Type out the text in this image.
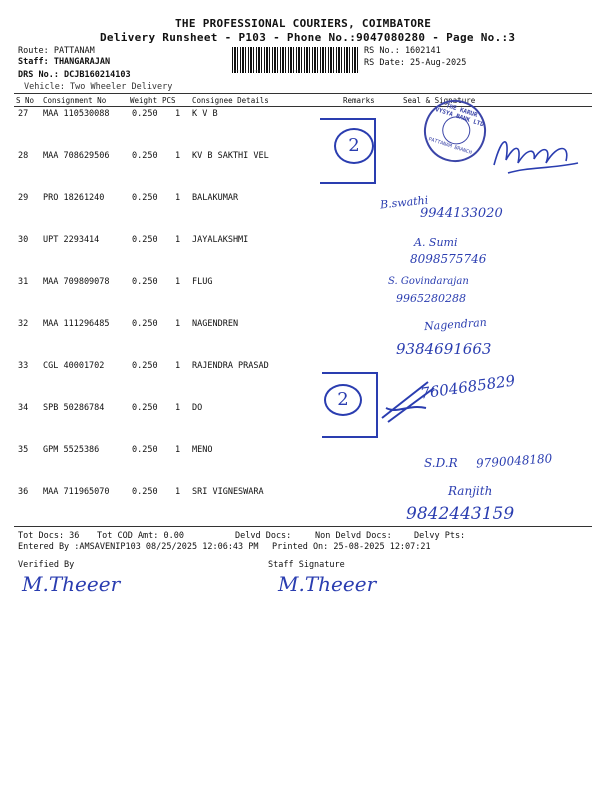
THE PROFESSIONAL COURIERS, COIMBATORE
Delivery Runsheet - P103 - Phone No.:9047080280 - Page No.:3
Route: PATTANAM
Staff: THANGARAJAN
DRS No.: DCJB160214103
Vehicle: Two Wheeler Delivery
RS No.: 1602141
RS Date: 25-Aug-2025
S No Consignment No	Weight PCS Consignee Details	Remarks	Seal & Signature
27 MAA 110530088	0.250 1 K V B
28 MAA 708629506	0.250 1 KV B SAKTHI VEL
29 PRO 18261240	0.250 1 BALAKUMAR
30 UPT 2293414	0.250 1 JAYALAKSHMI
31 MAA 709809078	0.250 1 FLUG
32 MAA 111296485	0.250 1 NAGENDREN
33 CGL 40001702	0.250 1 RAJENDRA PRASAD
34 SPB 50286784	0.250 1 DO
35 GPM 5525386	0.250 1 MENO
36 MAA 711965070	0.250 1 SRI VIGNESWARA
2
2
THE KARUR VYSYA BANK LTD
PATTANAM BRANCH
B.swathi
9944133020
A. Sumi
8098575746
S. Govindarajan
9965280288
Nagendran
9384691663
7604685829
S.D.R 9790048180
Ranjith
9842443159
Tot Docs: 36 Tot COD Amt: 0.00	Delvd Docs:	Non Delvd Docs:	Delvy Pts:
Entered By :AMSAVENIP103 08/25/2025 12:06:43 PM Printed On: 25-08-2025 12:07:21
Verified By	Staff Signature
M.Theeer	M.Theeer
